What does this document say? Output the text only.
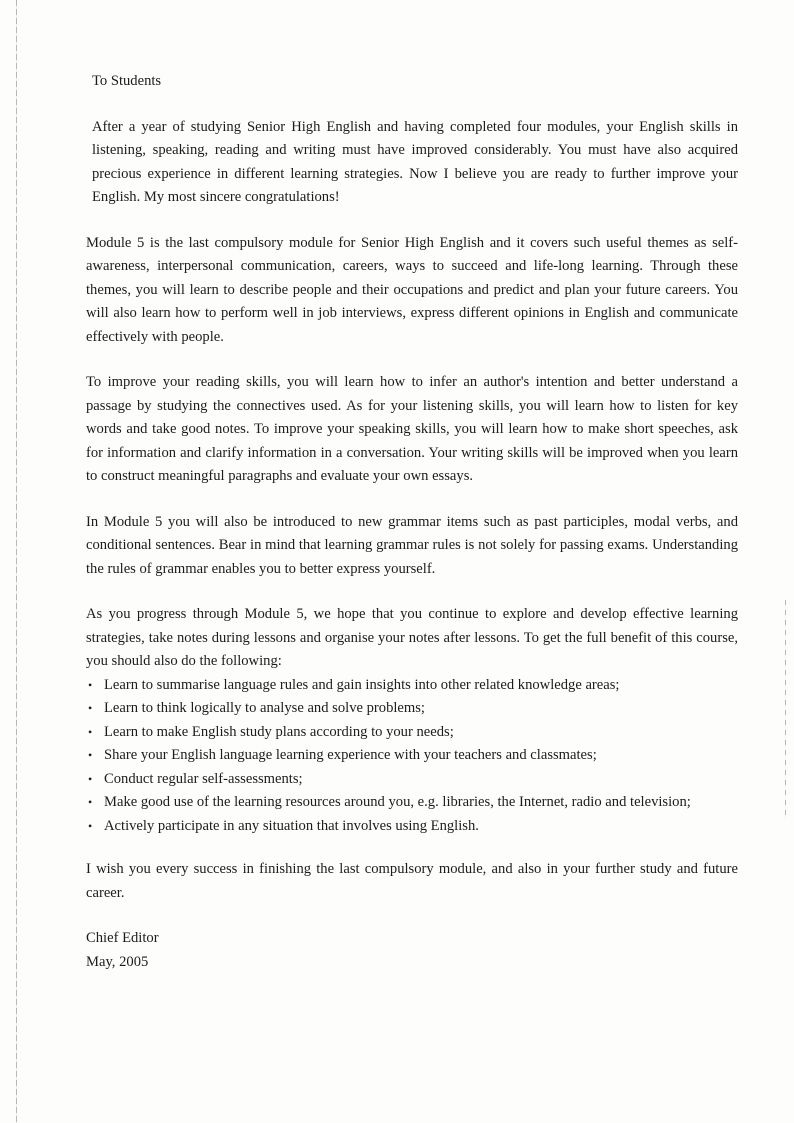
To Students

After a year of studying Senior High English and having completed four modules, your English skills in listening, speaking, reading and writing must have improved considerably. You must have also acquired precious experience in different learning strategies. Now I believe you are ready to further improve your English. My most sincere congratulations!

Module 5 is the last compulsory module for Senior High English and it covers such useful themes as self-awareness, interpersonal communication, careers, ways to succeed and life-long learning. Through these themes, you will learn to describe people and their occupations and predict and plan your future careers. You will also learn how to perform well in job interviews, express different opinions in English and communicate effectively with people.

To improve your reading skills, you will learn how to infer an author's intention and better understand a passage by studying the connectives used. As for your listening skills, you will learn how to listen for key words and take good notes. To improve your speaking skills, you will learn how to make short speeches, ask for information and clarify information in a conversation. Your writing skills will be improved when you learn to construct meaningful paragraphs and evaluate your own essays.

In Module 5 you will also be introduced to new grammar items such as past participles, modal verbs, and conditional sentences. Bear in mind that learning grammar rules is not solely for passing exams. Understanding the rules of grammar enables you to better express yourself.

As you progress through Module 5, we hope that you continue to explore and develop effective learning strategies, take notes during lessons and organise your notes after lessons. To get the full benefit of this course, you should also do the following:

• Learn to summarise language rules and gain insights into other related knowledge areas;
• Learn to think logically to analyse and solve problems;
• Learn to make English study plans according to your needs;
• Share your English language learning experience with your teachers and classmates;
• Conduct regular self-assessments;
• Make good use of the learning resources around you, e.g. libraries, the Internet, radio and television;
• Actively participate in any situation that involves using English.

I wish you every success in finishing the last compulsory module, and also in your further study and future career.

Chief Editor
May, 2005
